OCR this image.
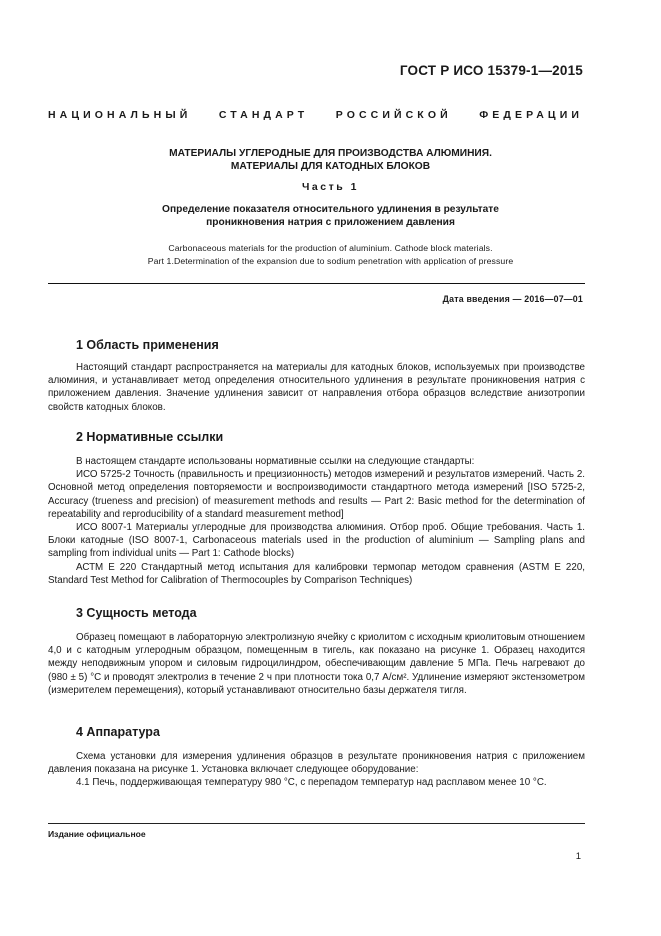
ГОСТ Р ИСО 15379-1—2015
НАЦИОНАЛЬНЫЙ СТАНДАРТ РОССИЙСКОЙ ФЕДЕРАЦИИ
МАТЕРИАЛЫ УГЛЕРОДНЫЕ ДЛЯ ПРОИЗВОДСТВА АЛЮМИНИЯ.
МАТЕРИАЛЫ ДЛЯ КАТОДНЫХ БЛОКОВ
Часть 1
Определение показателя относительного удлинения в результате
проникновения натрия с приложением давления
Carbonaceous materials for the production of aluminium. Cathode block materials.
Part 1.Determination of the expansion due to sodium penetration with application of pressure
Дата введения — 2016—07—01
1 Область применения

Настоящий стандарт распространяется на материалы для катодных блоков, используемых при производстве алюминия, и устанавливает метод определения относительного удлинения в результате проникновения натрия с приложением давления. Значение удлинения зависит от направления отбора образцов вследствие анизотропии свойств катодных блоков.

2 Нормативные ссылки

В настоящем стандарте использованы нормативные ссылки на следующие стандарты:

ИСО 5725-2 Точность (правильность и прецизионность) методов измерений и результатов измерений. Часть 2. Основной метод определения повторяемости и воспроизводимости стандартного метода измерений [ISO 5725-2, Accuracy (trueness and precision) of measurement methods and results — Part 2: Basic method for the determination of repeatability and reproducibility of a standard measurement method]

ИСО 8007-1 Материалы углеродные для производства алюминия. Отбор проб. Общие требования. Часть 1. Блоки катодные (ISO 8007-1, Carbonaceous materials used in the production of aluminium — Sampling plans and sampling from individual units — Part 1: Cathode blocks)

АСТМ Е 220 Стандартный метод испытания для калибровки термопар методом сравнения (ASTM E 220, Standard Test Method for Calibration of Thermocouples by Comparison Techniques)

3 Сущность метода

Образец помещают в лабораторную электролизную ячейку с криолитом с исходным криолитовым отношением 4,0 и с катодным углеродным образцом, помещенным в тигель, как показано на рисунке 1. Образец находится между неподвижным упором и силовым гидроцилиндром, обеспечивающим давление 5 МПа. Печь нагревают до (980 ± 5) °С и проводят электролиз в течение 2 ч при плотности тока 0,7 А/см². Удлинение измеряют экстензометром (измерителем перемещения), который устанавливают относительно базы держателя тигля.

4 Аппаратура

Схема установки для измерения удлинения образцов в результате проникновения натрия с приложением давления показана на рисунке 1. Установка включает следующее оборудование:

4.1 Печь, поддерживающая температуру 980 °С, с перепадом температур над расплавом менее 10 °С.

Издание официальное
1
